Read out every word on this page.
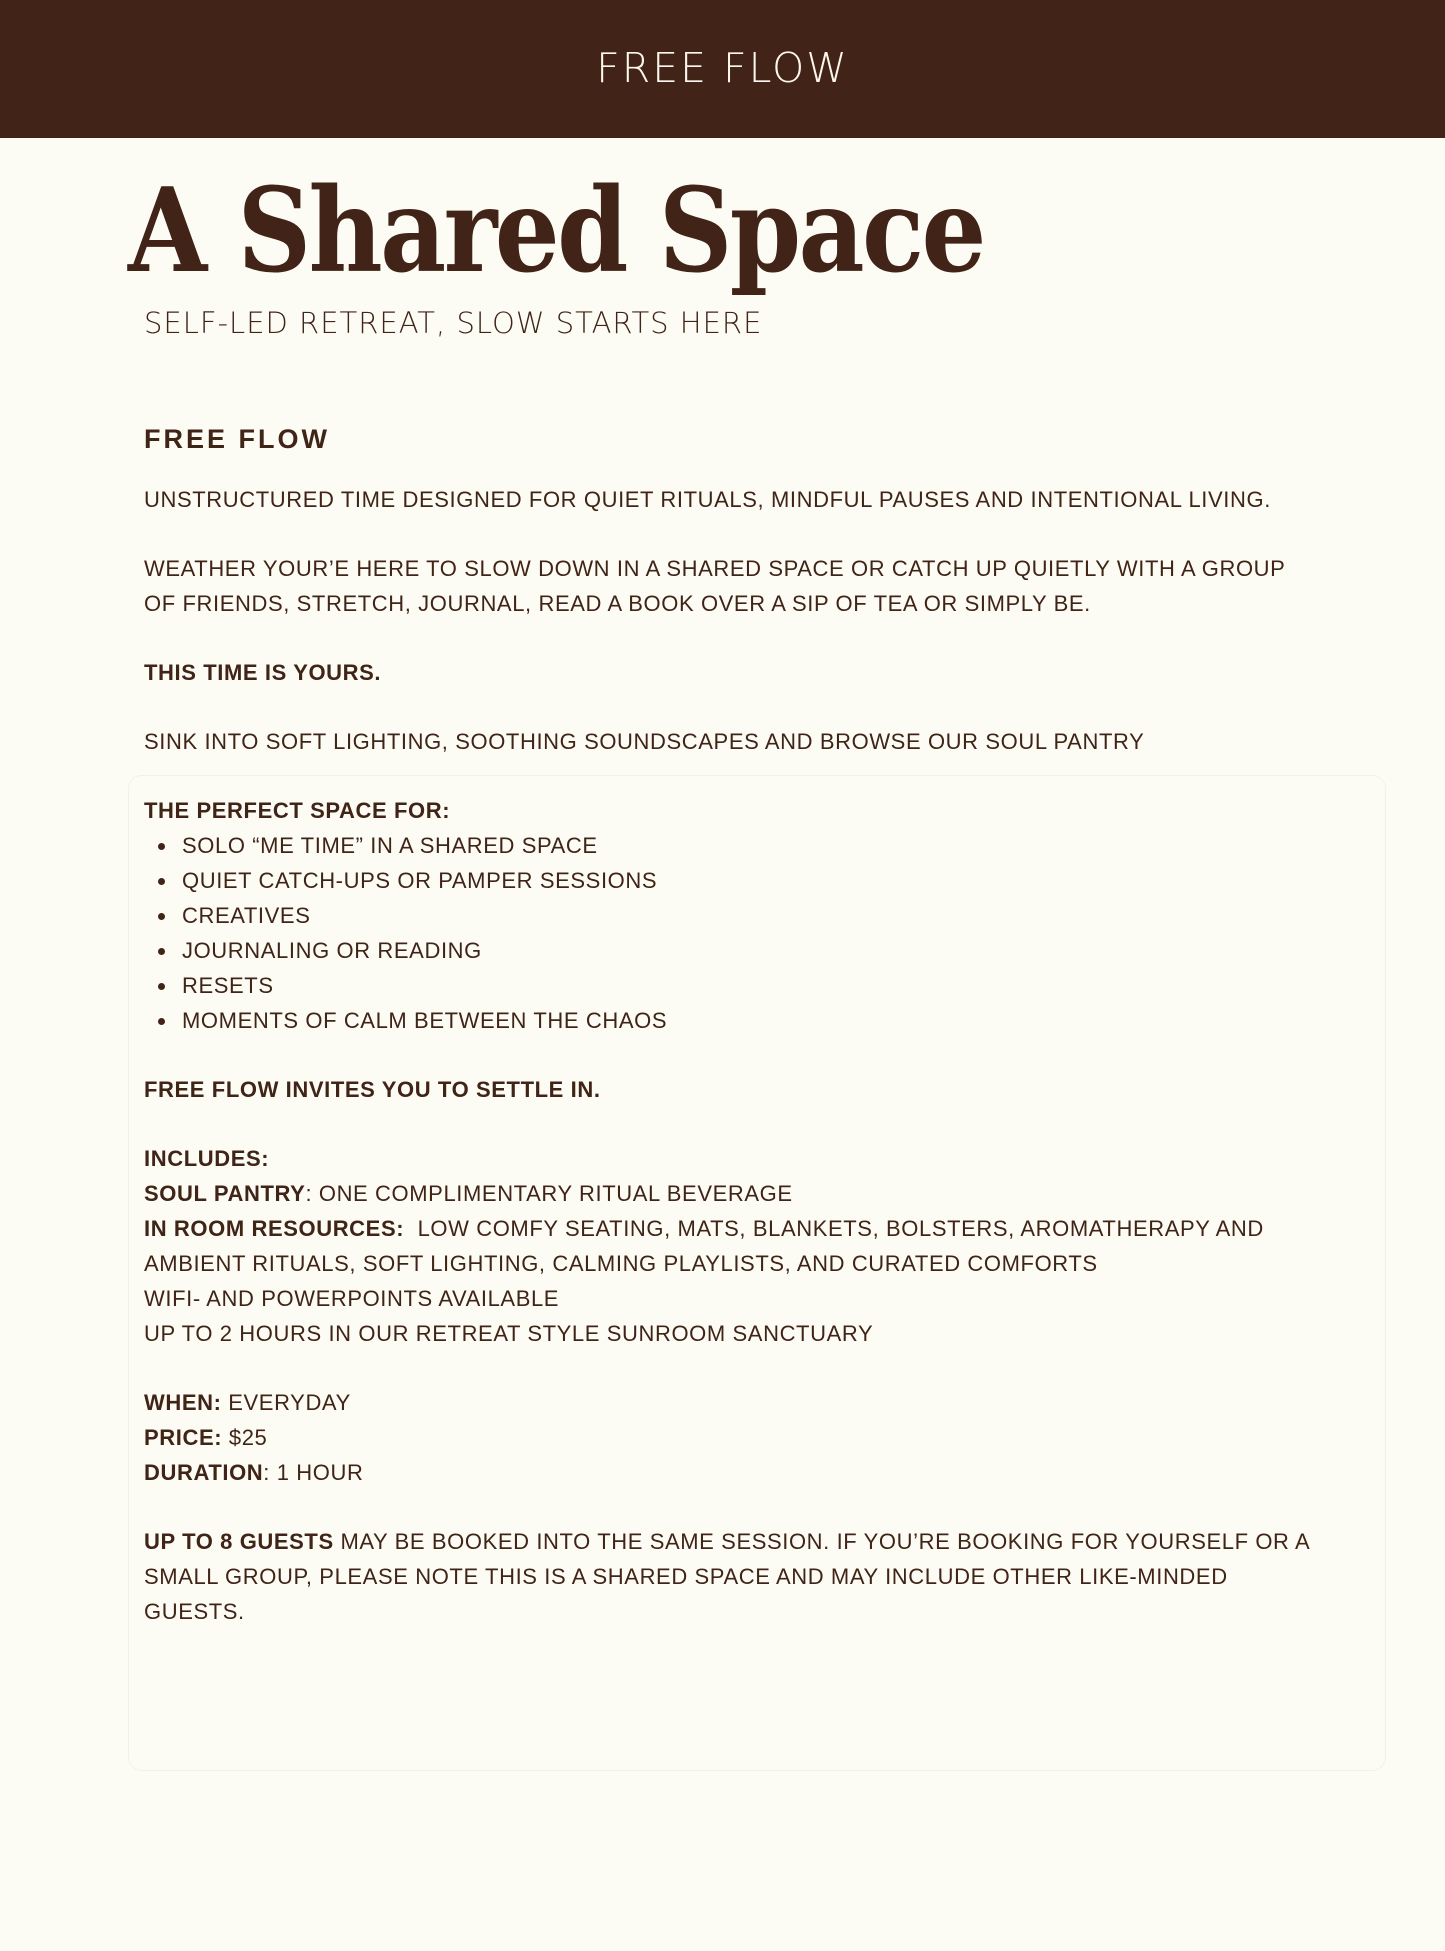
FREE FLOW
A Shared Space
SELF-LED RETREAT, SLOW STARTS HERE
FREE FLOW

UNSTRUCTURED TIME DESIGNED FOR QUIET RITUALS, MINDFUL PAUSES AND INTENTIONAL LIVING.

WEATHER YOUR’E HERE TO SLOW DOWN IN A SHARED SPACE OR CATCH UP QUIETLY WITH A GROUP
OF FRIENDS, STRETCH, JOURNAL, READ A BOOK OVER A SIP OF TEA OR SIMPLY BE.

THIS TIME IS YOURS.

SINK INTO SOFT LIGHTING, SOOTHING SOUNDSCAPES AND BROWSE OUR SOUL PANTRY

THE PERFECT SPACE FOR:

SOLO “ME TIME” IN A SHARED SPACE
QUIET CATCH-UPS OR PAMPER SESSIONS
CREATIVES
JOURNALING OR READING
RESETS
MOMENTS OF CALM BETWEEN THE CHAOS

FREE FLOW INVITES YOU TO SETTLE IN.

INCLUDES:
SOUL PANTRY: ONE COMPLIMENTARY RITUAL BEVERAGE
IN ROOM RESOURCES: LOW COMFY SEATING, MATS, BLANKETS, BOLSTERS, AROMATHERAPY AND
AMBIENT RITUALS, SOFT LIGHTING, CALMING PLAYLISTS, AND CURATED COMFORTS
WIFI- AND POWERPOINTS AVAILABLE
UP TO 2 HOURS IN OUR RETREAT STYLE SUNROOM SANCTUARY

WHEN: EVERYDAY
PRICE: $25
DURATION: 1 HOUR

UP TO 8 GUESTS MAY BE BOOKED INTO THE SAME SESSION. IF YOU’RE BOOKING FOR YOURSELF OR A
SMALL GROUP, PLEASE NOTE THIS IS A SHARED SPACE AND MAY INCLUDE OTHER LIKE-MINDED
GUESTS.
